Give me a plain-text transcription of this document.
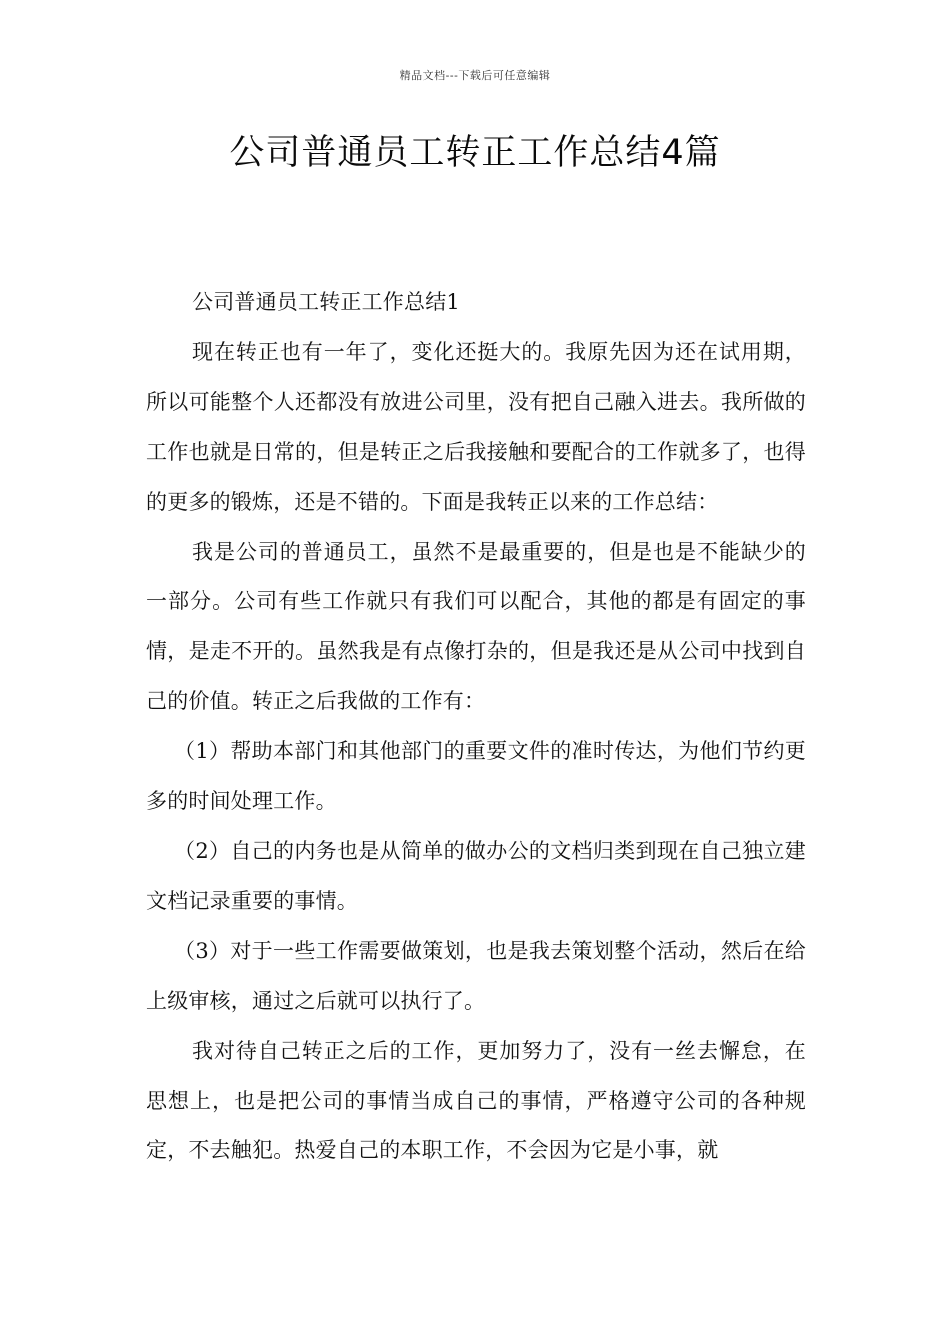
精品文档---下载后可任意编辑
公司普通员工转正工作总结4篇

公司普通员工转正工作总结1

现在转正也有一年了，变化还挺大的。我原先因为还在试用期，所以可能整个人还都没有放进公司里，没有把自己融入进去。我所做的工作也就是日常的，但是转正之后我接触和要配合的工作就多了，也得的更多的锻炼，还是不错的。下面是我转正以来的工作总结：

我是公司的普通员工，虽然不是最重要的，但是也是不能缺少的一部分。公司有些工作就只有我们可以配合，其他的都是有固定的事情，是走不开的。虽然我是有点像打杂的，但是我还是从公司中找到自己的价值。转正之后我做的工作有：

（1）帮助本部门和其他部门的重要文件的准时传达，为他们节约更多的时间处理工作。

（2）自己的内务也是从简单的做办公的文档归类到现在自己独立建文档记录重要的事情。

（3）对于一些工作需要做策划，也是我去策划整个活动，然后在给上级审核，通过之后就可以执行了。

我对待自己转正之后的工作，更加努力了，没有一丝去懈怠，在思想上，也是把公司的事情当成自己的事情，严格遵守公司的各种规定，不去触犯。热爱自己的本职工作，不会因为它是小事，就
